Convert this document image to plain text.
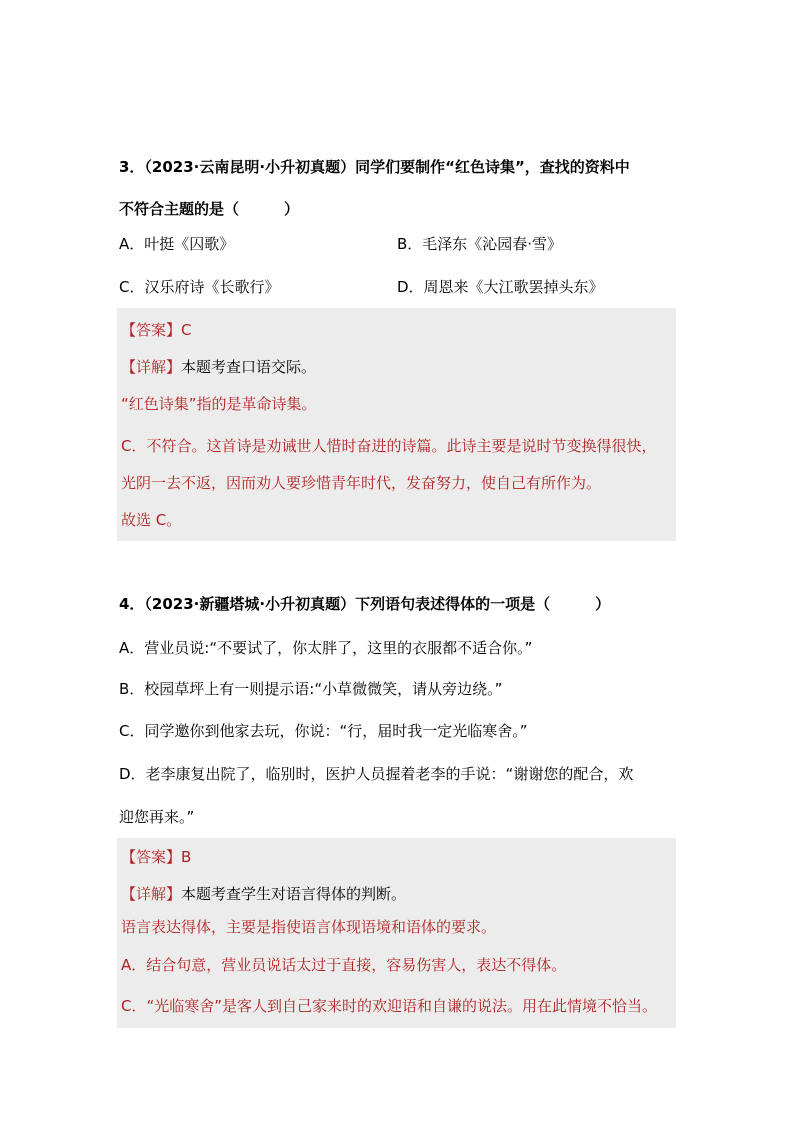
3．（2023·云南昆明·小升初真题）同学们要制作“红色诗集”，查找的资料中
不符合主题的是（　　　）
A．叶挺《囚歌》	B．毛泽东《沁园春·雪》
C．汉乐府诗《长歌行》	D．周恩来《大江歌罢掉头东》
【答案】C
【详解】本题考查口语交际。
“红色诗集”指的是革命诗集。
C．不符合。这首诗是劝诫世人惜时奋进的诗篇。此诗主要是说时节变换得很快，
光阴一去不返，因而劝人要珍惜青年时代，发奋努力，使自己有所作为。
故选 C。
4．（2023·新疆塔城·小升初真题）下列语句表述得体的一项是（　　　）
A．营业员说:“不要试了，你太胖了，这里的衣服都不适合你。”
B．校园草坪上有一则提示语:“小草微微笑，请从旁边绕。”
C．同学邀你到他家去玩，你说：“行，届时我一定光临寒舍。”
D．老李康复出院了，临别时，医护人员握着老李的手说：“谢谢您的配合，欢
迎您再来。”
【答案】B
【详解】本题考查学生对语言得体的判断。
语言表达得体，主要是指使语言体现语境和语体的要求。
A．结合句意，营业员说话太过于直接，容易伤害人，表达不得体。
C．“光临寒舍”是客人到自己家来时的欢迎语和自谦的说法。用在此情境不恰当。
